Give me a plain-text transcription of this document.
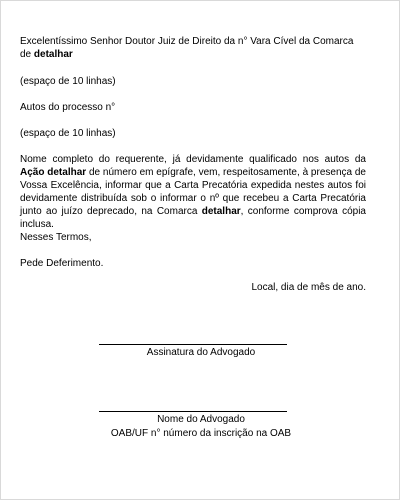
Excelentíssimo Senhor Doutor Juiz de Direito da n° Vara Cível da Comarca
de detalhar

(espaço de 10 linhas)

Autos do processo n°

(espaço de 10 linhas)

Nome completo do requerente, já devidamente qualificado nos autos da Ação detalhar de número em epígrafe, vem, respeitosamente, à presença de Vossa Excelência, informar que a Carta Precatória expedida nestes autos foi devidamente distribuída sob o informar o nº que recebeu a Carta Precatória junto ao juízo deprecado, na Comarca detalhar, conforme comprova cópia inclusa.

Nesses Termos,

Pede Deferimento.

Local, dia de mês de ano.

Assinatura do Advogado

Nome do Advogado

OAB/UF n° número da inscrição na OAB
